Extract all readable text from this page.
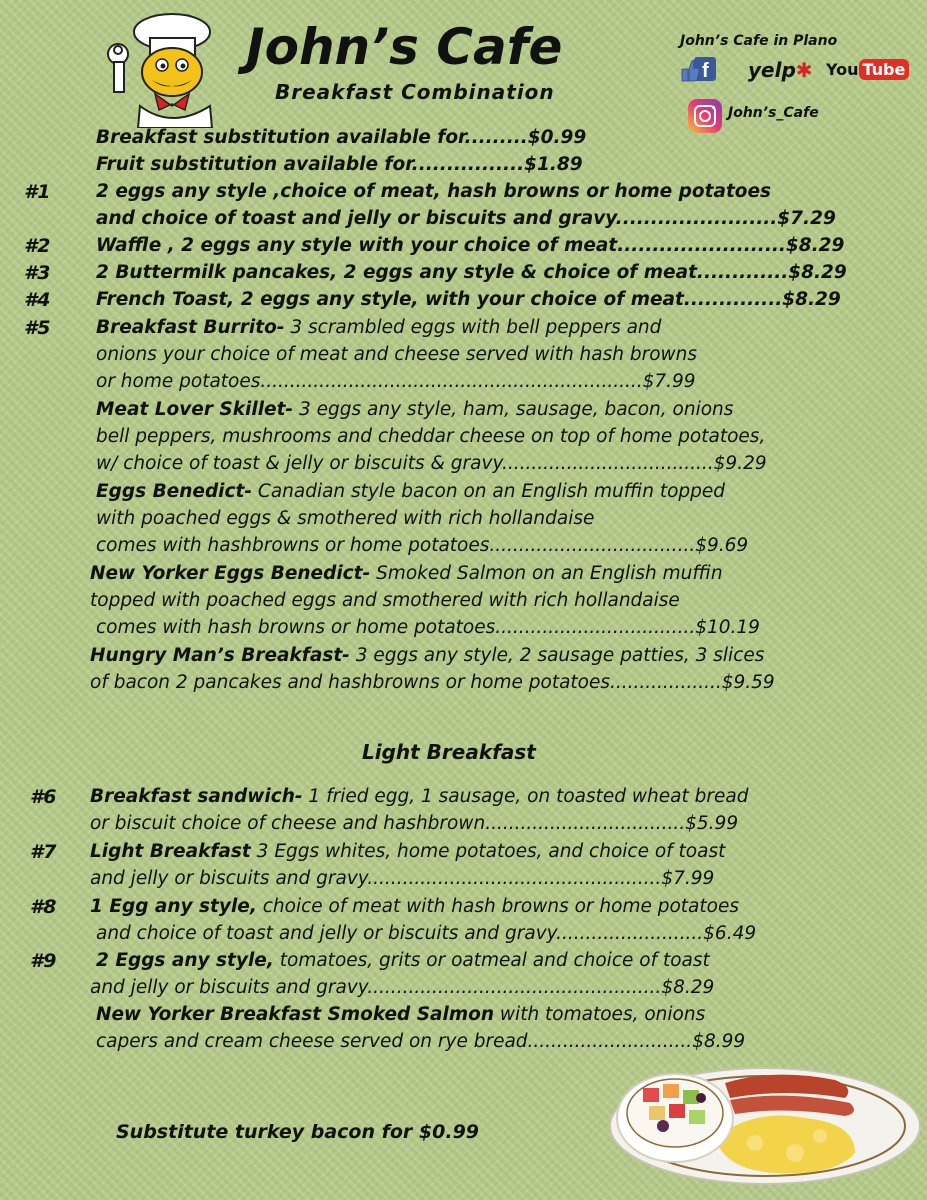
John’s Cafe
Breakfast Combination
John’s Cafe in Plano
f yelp✱ You Tube
John’s_Cafe
Breakfast substitution available for.........$0.99
Fruit substitution available for................$1.89
#1 2 eggs any style ,choice of meat, hash browns or home potatoes
and choice of toast and jelly or biscuits and gravy.......................$7.29
#2 Waffle , 2 eggs any style with your choice of meat........................$8.29
#3 2 Buttermilk pancakes, 2 eggs any style & choice of meat.............$8.29
#4 French Toast, 2 eggs any style, with your choice of meat..............$8.29
#5 Breakfast Burrito- 3 scrambled eggs with bell peppers and
onions your choice of meat and cheese served with hash browns
or home potatoes.................................................................$7.99
Meat Lover Skillet- 3 eggs any style, ham, sausage, bacon, onions
bell peppers, mushrooms and cheddar cheese on top of home potatoes,
w/ choice of toast & jelly or biscuits & gravy....................................$9.29
Eggs Benedict- Canadian style bacon on an English muffin topped
with poached eggs & smothered with rich hollandaise
comes with hashbrowns or home potatoes...................................$9.69
New Yorker Eggs Benedict- Smoked Salmon on an English muffin
topped with poached eggs and smothered with rich hollandaise
comes with hash browns or home potatoes..................................$10.19
Hungry Man’s Breakfast- 3 eggs any style, 2 sausage patties, 3 slices
of bacon 2 pancakes and hashbrowns or home potatoes...................$9.59
Light Breakfast
#6 Breakfast sandwich- 1 fried egg, 1 sausage, on toasted wheat bread
or biscuit choice of cheese and hashbrown..................................$5.99
#7 Light Breakfast 3 Eggs whites, home potatoes, and choice of toast
and jelly or biscuits and gravy..................................................$7.99
#8 1 Egg any style, choice of meat with hash browns or home potatoes
and choice of toast and jelly or biscuits and gravy.........................$6.49
#9 2 Eggs any style, tomatoes, grits or oatmeal and choice of toast
and jelly or biscuits and gravy..................................................$8.29
New Yorker Breakfast Smoked Salmon with tomatoes, onions
capers and cream cheese served on rye bread............................$8.99
Substitute turkey bacon for $0.99
